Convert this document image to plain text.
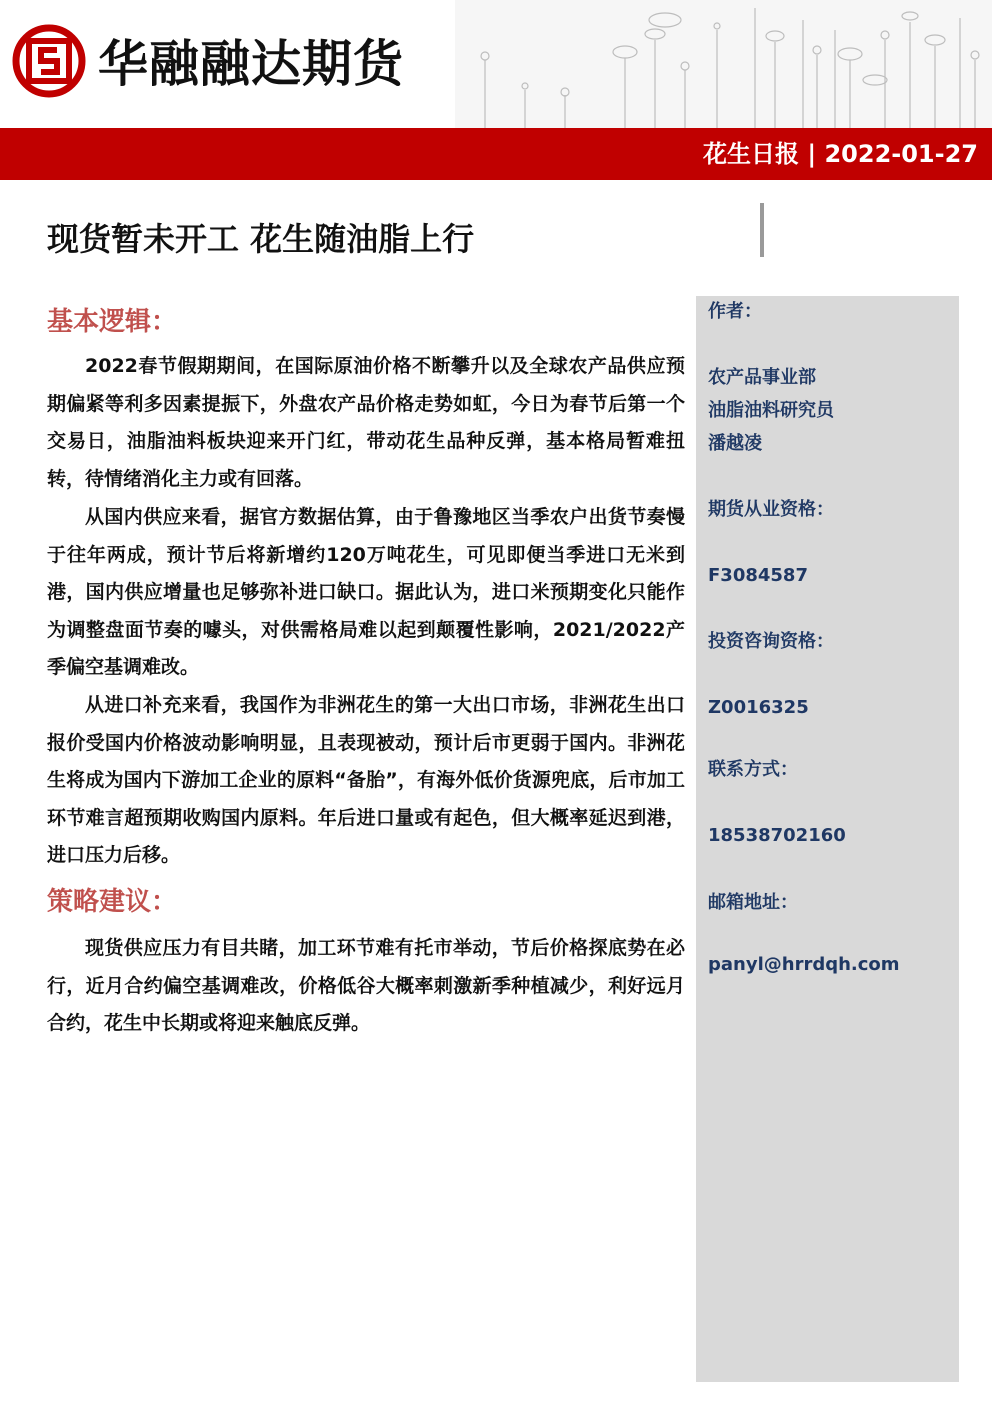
华融融达期货
花生日报 | 2022-01-27
现货暂未开工 花生随油脂上行
基本逻辑：

2022春节假期期间，在国际原油价格不断攀升以及全球农产品供应预期偏紧等利多因素提振下，外盘农产品价格走势如虹，今日为春节后第一个交易日，油脂油料板块迎来开门红，带动花生品种反弹，基本格局暂难扭转，待情绪消化主力或有回落。

从国内供应来看，据官方数据估算，由于鲁豫地区当季农户出货节奏慢于往年两成，预计节后将新增约120万吨花生，可见即便当季进口无米到港，国内供应增量也足够弥补进口缺口。据此认为，进口米预期变化只能作为调整盘面节奏的噱头，对供需格局难以起到颠覆性影响，2021/2022产季偏空基调难改。

从进口补充来看，我国作为非洲花生的第一大出口市场，非洲花生出口报价受国内价格波动影响明显，且表现被动，预计后市更弱于国内。非洲花生将成为国内下游加工企业的原料“备胎”，有海外低价货源兜底，后市加工环节难言超预期收购国内原料。年后进口量或有起色，但大概率延迟到港，进口压力后移。

策略建议：

现货供应压力有目共睹，加工环节难有托市举动，节后价格探底势在必行，近月合约偏空基调难改，价格低谷大概率刺激新季种植减少，利好远月合约，花生中长期或将迎来触底反弹。

作者：
农产品事业部
油脂油料研究员
潘越凌
期货从业资格：
F3084587
投资咨询资格：
Z0016325
联系方式：
18538702160
邮箱地址：
panyl@hrrdqh.com
